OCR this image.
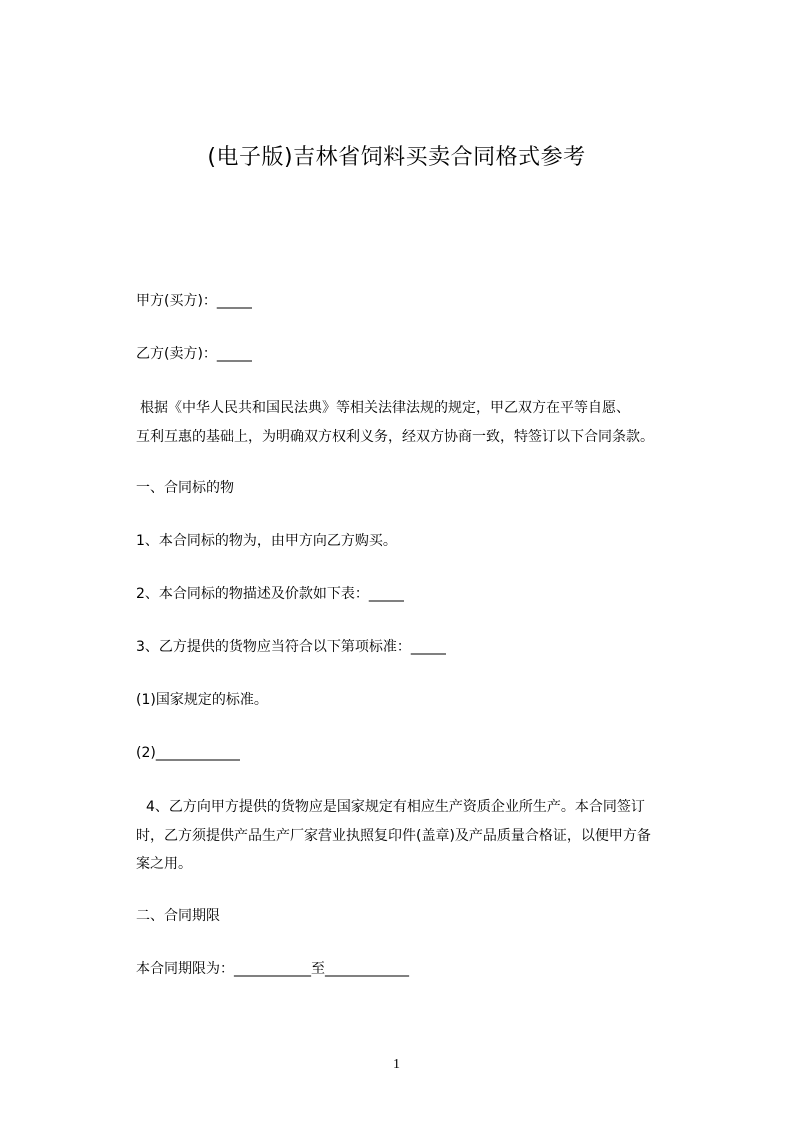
(电子版)吉林省饲料买卖合同格式参考
甲方(买方)：_____
乙方(卖方)：_____
根据《中华人民共和国民法典》等相关法律法规的规定，甲乙双方在平等自愿、
互利互惠的基础上，为明确双方权利义务，经双方协商一致，特签订以下合同条款。
一、合同标的物
1、本合同标的物为，由甲方向乙方购买。
2、本合同标的物描述及价款如下表：_____
3、乙方提供的货物应当符合以下第项标准：_____
(1)国家规定的标准。
(2)____________
4、乙方向甲方提供的货物应是国家规定有相应生产资质企业所生产。本合同签订
时，乙方须提供产品生产厂家营业执照复印件(盖章)及产品质量合格证，以便甲方备
案之用。
二、合同期限
本合同期限为：___________至____________
1
